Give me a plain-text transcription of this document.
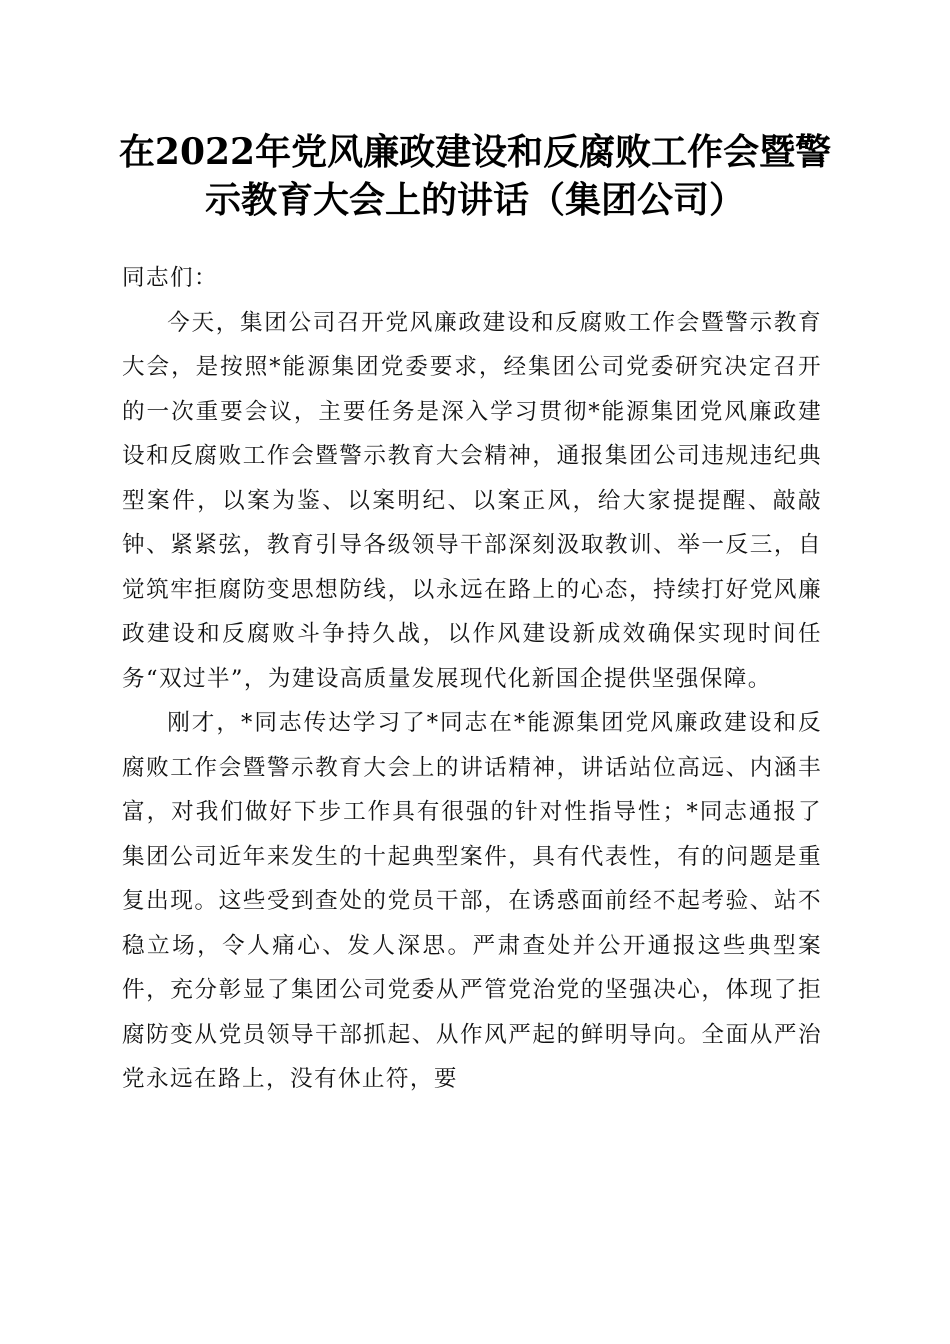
在2022年党风廉政建设和反腐败工作会暨警
示教育大会上的讲话（集团公司）

同志们：

今天，集团公司召开党风廉政建设和反腐败工作会暨警示教育大会，是按照*能源集团党委要求，经集团公司党委研究决定召开的一次重要会议，主要任务是深入学习贯彻*能源集团党风廉政建设和反腐败工作会暨警示教育大会精神，通报集团公司违规违纪典型案件，以案为鉴、以案明纪、以案正风，给大家提提醒、敲敲钟、紧紧弦，教育引导各级领导干部深刻汲取教训、举一反三，自觉筑牢拒腐防变思想防线，以永远在路上的心态，持续打好党风廉政建设和反腐败斗争持久战，以作风建设新成效确保实现时间任务“双过半”，为建设高质量发展现代化新国企提供坚强保障。

刚才，*同志传达学习了*同志在*能源集团党风廉政建设和反腐败工作会暨警示教育大会上的讲话精神，讲话站位高远、内涵丰富，对我们做好下步工作具有很强的针对性指导性；*同志通报了集团公司近年来发生的十起典型案件，具有代表性，有的问题是重复出现。这些受到查处的党员干部，在诱惑面前经不起考验、站不稳立场，令人痛心、发人深思。严肃查处并公开通报这些典型案件，充分彰显了集团公司党委从严管党治党的坚强决心，体现了拒腐防变从党员领导干部抓起、从作风严起的鲜明导向。全面从严治党永远在路上，没有休止符，要
